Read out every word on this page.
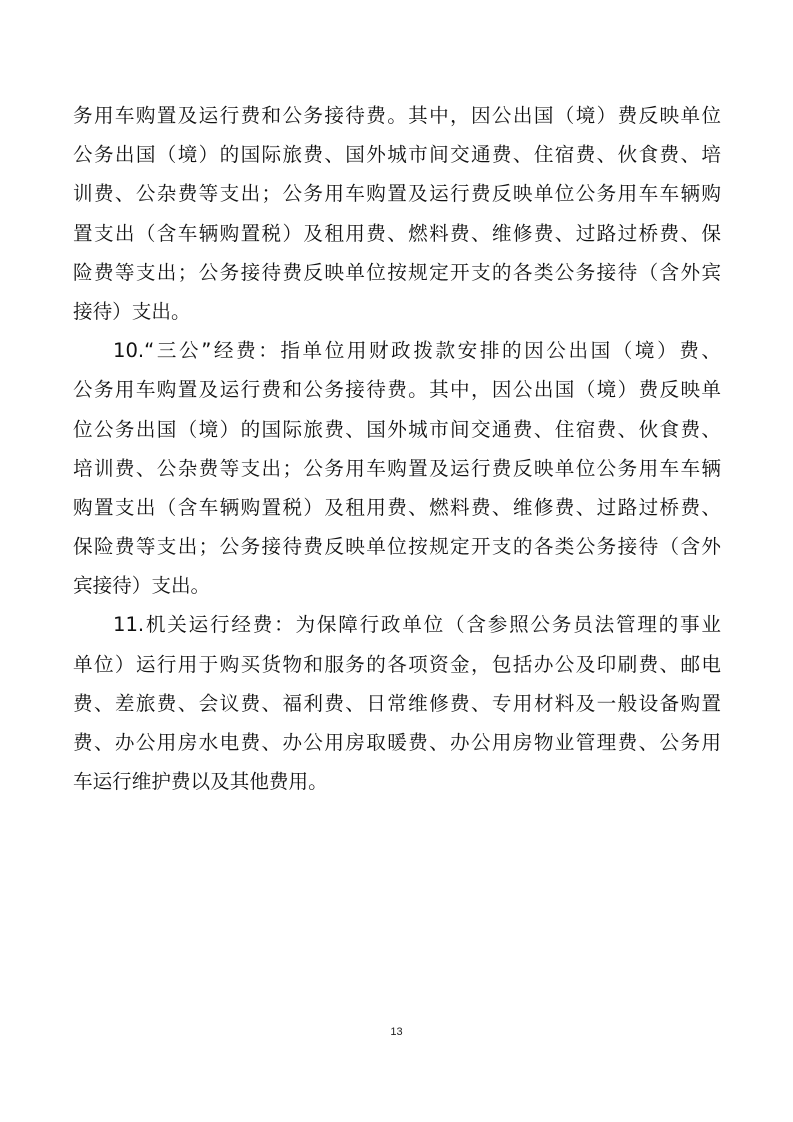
务用车购置及运行费和公务接待费。其中，因公出国（境）费反映单位
公务出国（境）的国际旅费、国外城市间交通费、住宿费、伙食费、培
训费、公杂费等支出；公务用车购置及运行费反映单位公务用车车辆购
置支出（含车辆购置税）及租用费、燃料费、维修费、过路过桥费、保
险费等支出；公务接待费反映单位按规定开支的各类公务接待（含外宾
接待）支出。
10.“三公”经费：指单位用财政拨款安排的因公出国（境）费、
公务用车购置及运行费和公务接待费。其中，因公出国（境）费反映单
位公务出国（境）的国际旅费、国外城市间交通费、住宿费、伙食费、
培训费、公杂费等支出；公务用车购置及运行费反映单位公务用车车辆
购置支出（含车辆购置税）及租用费、燃料费、维修费、过路过桥费、
保险费等支出；公务接待费反映单位按规定开支的各类公务接待（含外
宾接待）支出。
11.机关运行经费：为保障行政单位（含参照公务员法管理的事业
单位）运行用于购买货物和服务的各项资金，包括办公及印刷费、邮电
费、差旅费、会议费、福利费、日常维修费、专用材料及一般设备购置
费、办公用房水电费、办公用房取暖费、办公用房物业管理费、公务用
车运行维护费以及其他费用。
13
